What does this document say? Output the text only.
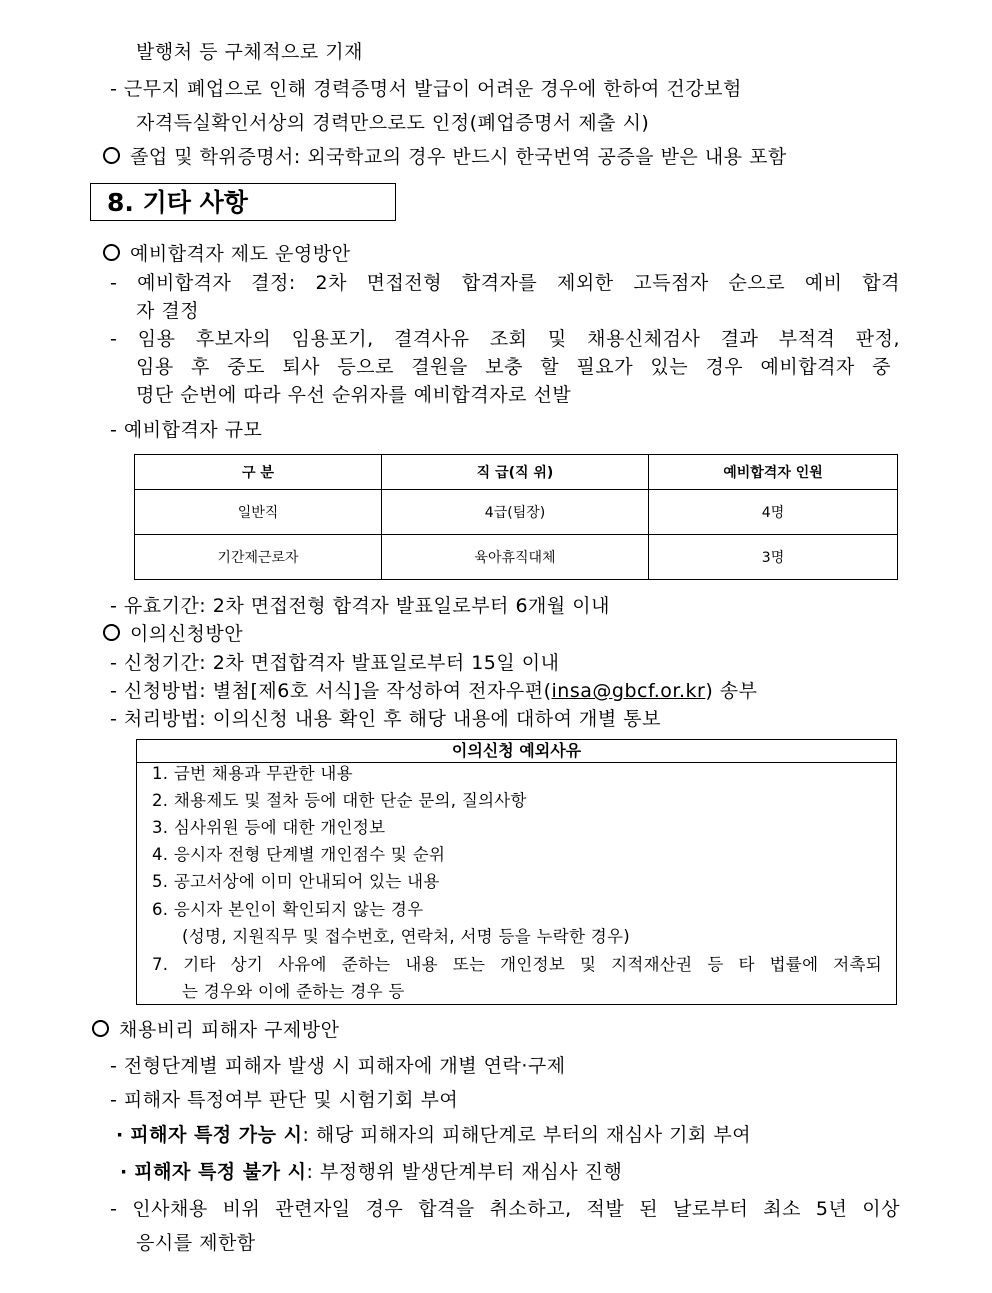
발행처 등 구체적으로 기재
- 근무지 폐업으로 인해 경력증명서 발급이 어려운 경우에 한하여 건강보험
자격득실확인서상의 경력만으로도 인정(폐업증명서 제출 시)
졸업 및 학위증명서: 외국학교의 경우 반드시 한국번역 공증을 받은 내용 포함
8. 기타 사항
예비합격자 제도 운영방안
- 예비합격자 결정: 2차 면접전형 합격자를 제외한 고득점자 순으로 예비 합격
자 결정
- 임용 후보자의 임용포기, 결격사유 조회 및 채용신체검사 결과 부적격 판정,
임용 후 중도 퇴사 등으로 결원을 보충 할 필요가 있는 경우 예비합격자 중
명단 순번에 따라 우선 순위자를 예비합격자로 선발
- 예비합격자 규모
구 분	직 급(직 위)	예비합격자 인원
일반직	4급(팀장)	4명
기간제근로자	육아휴직대체	3명
- 유효기간: 2차 면접전형 합격자 발표일로부터 6개월 이내
이의신청방안
- 신청기간: 2차 면접합격자 발표일로부터 15일 이내
- 신청방법: 별첨[제6호 서식]을 작성하여 전자우편(insa@gbcf.or.kr) 송부
- 처리방법: 이의신청 내용 확인 후 해당 내용에 대하여 개별 통보
이의신청 예외사유
1. 금번 채용과 무관한 내용
2. 채용제도 및 절차 등에 대한 단순 문의, 질의사항
3. 심사위원 등에 대한 개인정보
4. 응시자 전형 단계별 개인점수 및 순위
5. 공고서상에 이미 안내되어 있는 내용
6. 응시자 본인이 확인되지 않는 경우
(성명, 지원직무 및 접수번호, 연락처, 서명 등을 누락한 경우)
7. 기타 상기 사유에 준하는 내용 또는 개인정보 및 지적재산권 등 타 법률에 저촉되
는 경우와 이에 준하는 경우 등
채용비리 피해자 구제방안
- 전형단계별 피해자 발생 시 피해자에 개별 연락·구제
- 피해자 특정여부 판단 및 시험기회 부여
· 피해자 특정 가능 시: 해당 피해자의 피해단계로 부터의 재심사 기회 부여
· 피해자 특정 불가 시: 부정행위 발생단계부터 재심사 진행
- 인사채용 비위 관련자일 경우 합격을 취소하고, 적발 된 날로부터 최소 5년 이상
응시를 제한함
